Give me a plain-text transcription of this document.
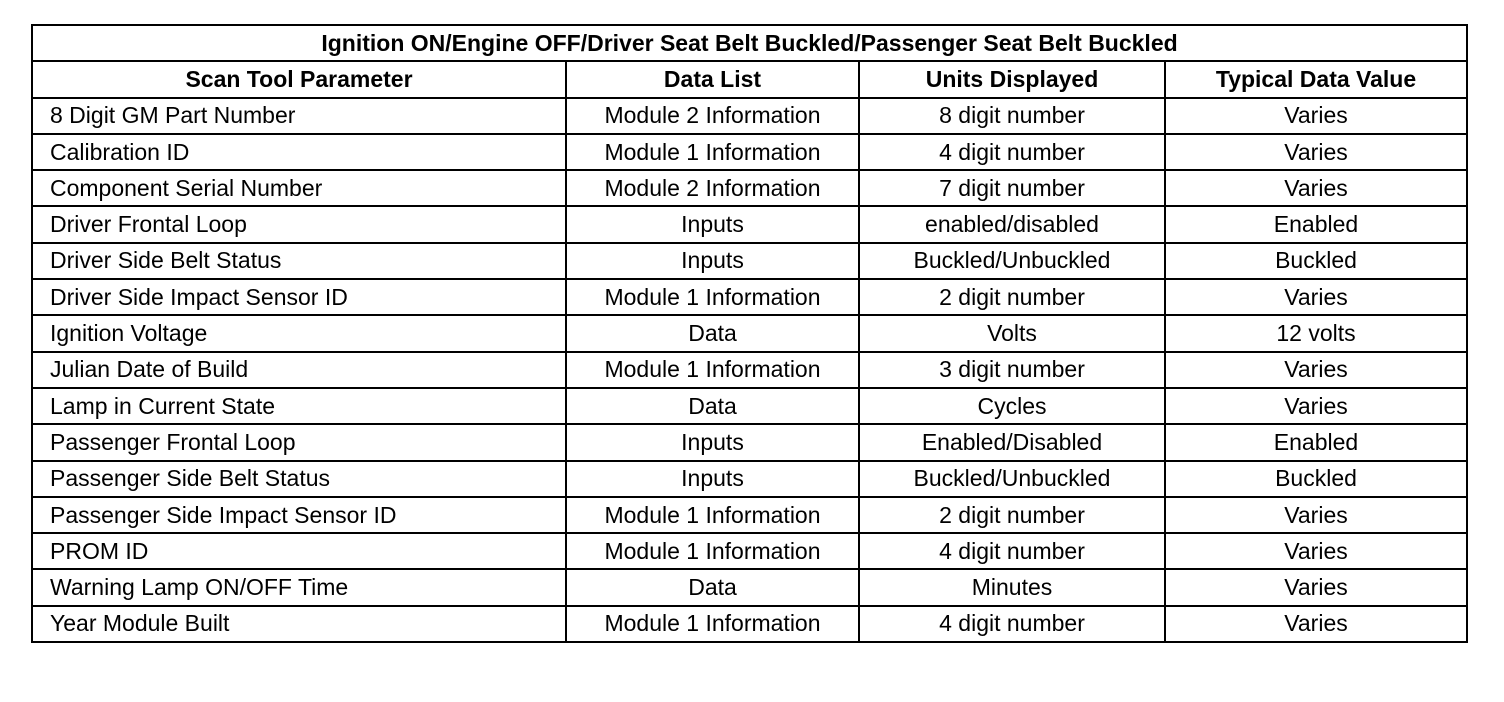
Ignition ON/Engine OFF/Driver Seat Belt Buckled/Passenger Seat Belt Buckled			
Scan Tool Parameter	Data List	Units Displayed	Typical Data Value
8 Digit GM Part Number	Module 2 Information	8 digit number	Varies
Calibration ID	Module 1 Information	4 digit number	Varies
Component Serial Number	Module 2 Information	7 digit number	Varies
Driver Frontal Loop	Inputs	enabled/disabled	Enabled
Driver Side Belt Status	Inputs	Buckled/Unbuckled	Buckled
Driver Side Impact Sensor ID	Module 1 Information	2 digit number	Varies
Ignition Voltage	Data	Volts	12 volts
Julian Date of Build	Module 1 Information	3 digit number	Varies
Lamp in Current State	Data	Cycles	Varies
Passenger Frontal Loop	Inputs	Enabled/Disabled	Enabled
Passenger Side Belt Status	Inputs	Buckled/Unbuckled	Buckled
Passenger Side Impact Sensor ID	Module 1 Information	2 digit number	Varies
PROM ID	Module 1 Information	4 digit number	Varies
Warning Lamp ON/OFF Time	Data	Minutes	Varies
Year Module Built	Module 1 Information	4 digit number	Varies
